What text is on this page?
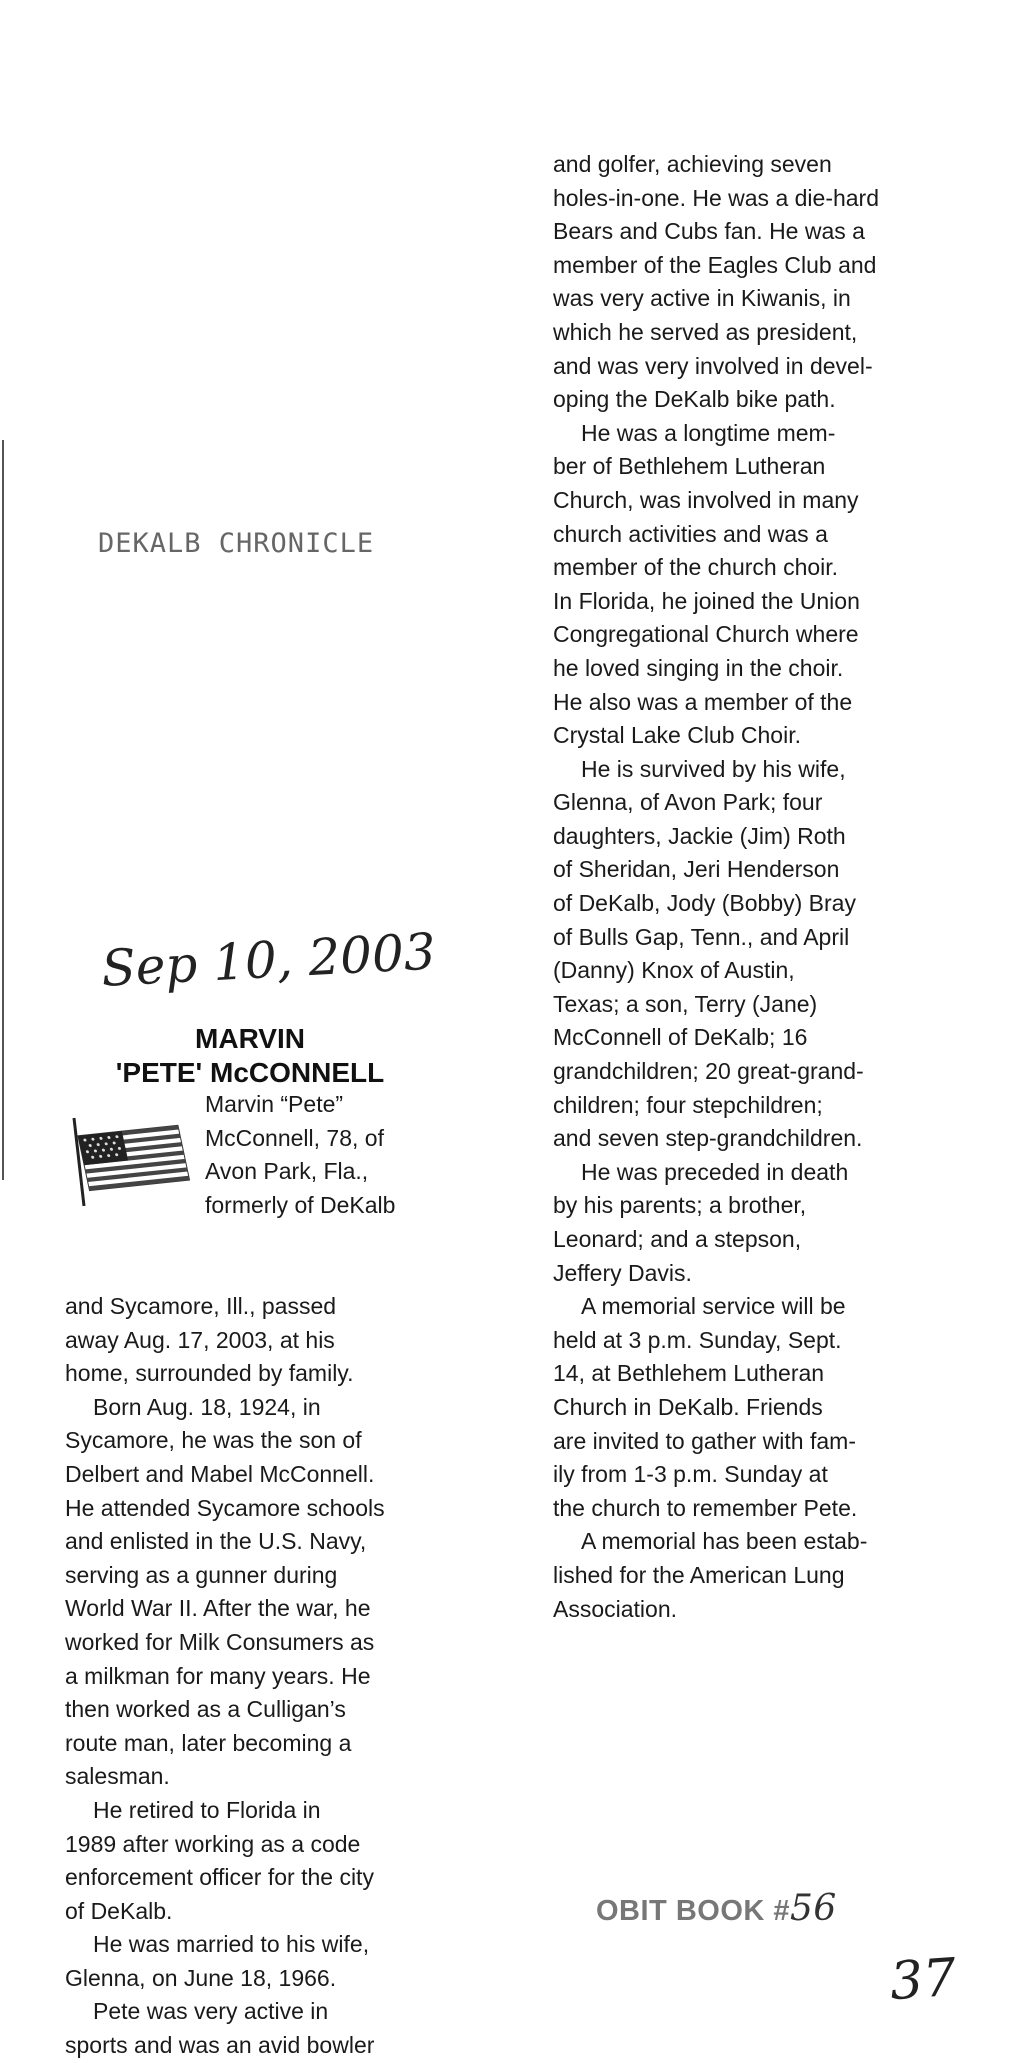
DEKALB CHRONICLE
Sep 10, 2003
MARVIN
'PETE' McCONNELL

Marvin “Pete”

McConnell, 78, of

Avon Park, Fla.,

formerly of DeKalb

and Sycamore, Ill., passed

away Aug. 17, 2003, at his

home, surrounded by family.

Born Aug. 18, 1924, in

Sycamore, he was the son of

Delbert and Mabel McConnell.

He attended Sycamore schools

and enlisted in the U.S. Navy,

serving as a gunner during

World War II. After the war, he

worked for Milk Consumers as

a milkman for many years. He

then worked as a Culligan’s

route man, later becoming a

salesman.

He retired to Florida in

1989 after working as a code

enforcement officer for the city

of DeKalb.

He was married to his wife,

Glenna, on June 18, 1966.

Pete was very active in

sports and was an avid bowler

and golfer, achieving seven

holes-in-one. He was a die-hard

Bears and Cubs fan. He was a

member of the Eagles Club and

was very active in Kiwanis, in

which he served as president,

and was very involved in devel-

oping the DeKalb bike path.

He was a longtime mem-

ber of Bethlehem Lutheran

Church, was involved in many

church activities and was a

member of the church choir.

In Florida, he joined the Union

Congregational Church where

he loved singing in the choir.

He also was a member of the

Crystal Lake Club Choir.

He is survived by his wife,

Glenna, of Avon Park; four

daughters, Jackie (Jim) Roth

of Sheridan, Jeri Henderson

of DeKalb, Jody (Bobby) Bray

of Bulls Gap, Tenn., and April

(Danny) Knox of Austin,

Texas; a son, Terry (Jane)

McConnell of DeKalb; 16

grandchildren; 20 great-grand-

children; four stepchildren;

and seven step-grandchildren.

He was preceded in death

by his parents; a brother,

Leonard; and a stepson,

Jeffery Davis.

A memorial service will be

held at 3 p.m. Sunday, Sept.

14, at Bethlehem Lutheran

Church in DeKalb. Friends

are invited to gather with fam-

ily from 1-3 p.m. Sunday at

the church to remember Pete.

A memorial has been estab-

lished for the American Lung

Association.

OBIT BOOK #56
37
